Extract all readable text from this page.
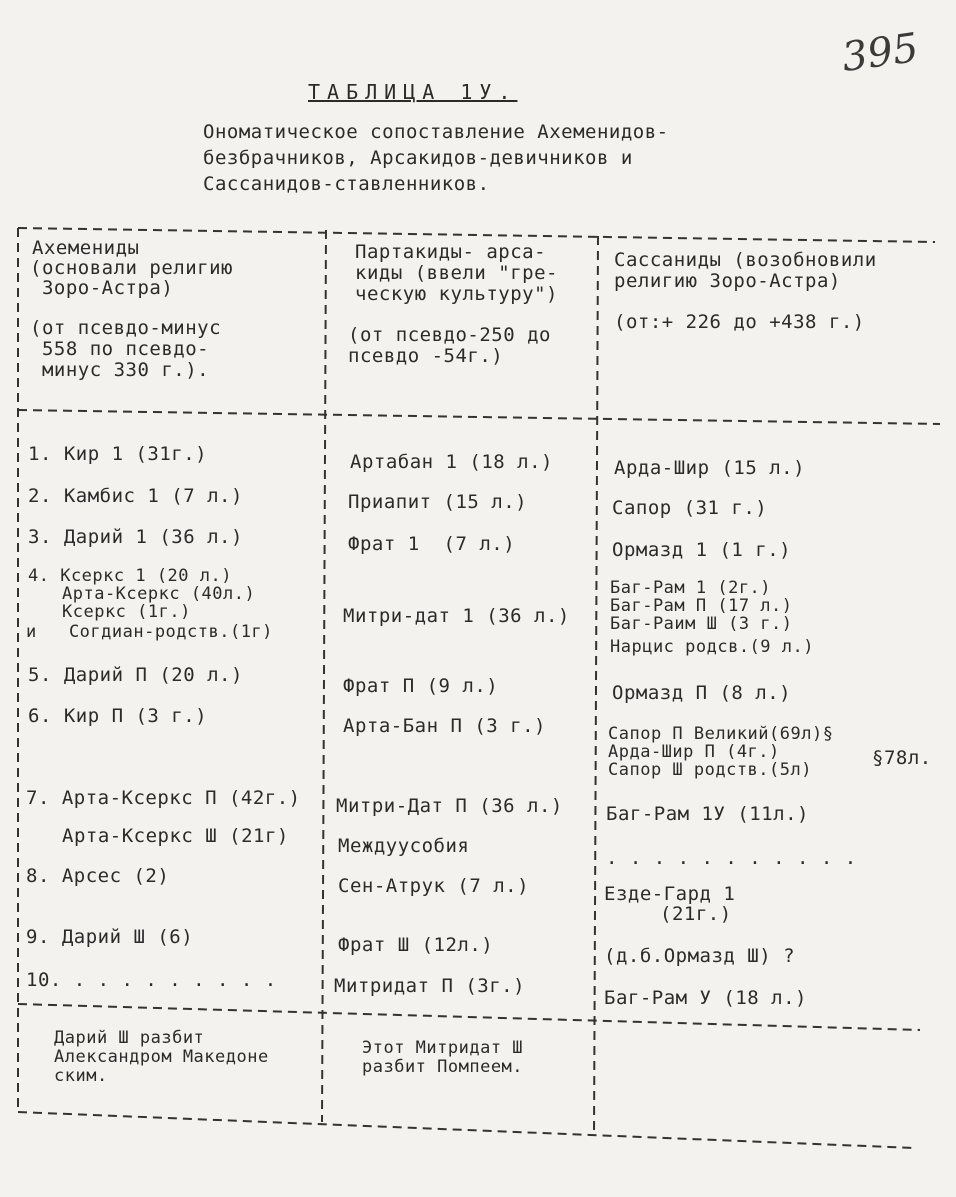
395
ТАБЛИЦА 1У.
Онoматическое сопоставление Ахеменидов-
безбрачников, Арсакидов-девичников и
Сассанидов-ставленников.
Ахемениды
(основали религию
Зоро-Астра)
(от псевдо-минус
558 по псевдо-
минус 330 г.).
Партакиды- арса-
киды (ввели "гре-
ческую культуру")
(от псевдо-250 до
псевдо -54г.)
Сассаниды (возобновили
религию Зоро-Астра)
(от:+ 226 до +438 г.)
1. Кир 1 (31г.)
2. Камбис 1 (7 л.)
3. Дарий 1 (36 л.)
4. Ксеркс 1 (20 л.)
Арта-Ксеркс (40л.)
Ксеркс (1г.)
и   Согдиан-родств.(1г)
5. Дарий П (20 л.)
6. Кир П (3 г.)
7. Арта-Ксеркс П (42г.)
Арта-Ксеркс Ш (21г)
8. Арсес (2)
9. Дарий Ш (6)
10. . . . . . . . . .
Артабан 1 (18 л.)
Приапит (15 л.)
Фрат 1  (7 л.)
Митри-дат 1 (36 л.)
Фрат П (9 л.)
Арта-Бан П (3 г.)
Митри-Дат П (36 л.)
Междуусобия
Сен-Атрук (7 л.)
Фрат Ш (12л.)
Митридат П (3г.)
Арда-Шир (15 л.)
Сапор (31 г.)
Ормазд 1 (1 г.)
Баг-Рам 1 (2г.)
Баг-Рам П (17 л.)
Баг-Раим Ш (3 г.)
Нарцис родсв.(9 л.)
Ормазд П (8 л.)
Сапор П Великий(69л)§
Арда-Шир П (4г.)
Сапор Ш родств.(5л)
§78л.
Баг-Рам 1У (11л.)
. . . . . . . . . . .
Езде-Гард 1
(21г.)
(д.б.Ормазд Ш) ?
Баг-Рам У (18 л.)
Дарий Ш разбит
Александром Македоне
ским.
Этот Митридат Ш
разбит Помпеем.
